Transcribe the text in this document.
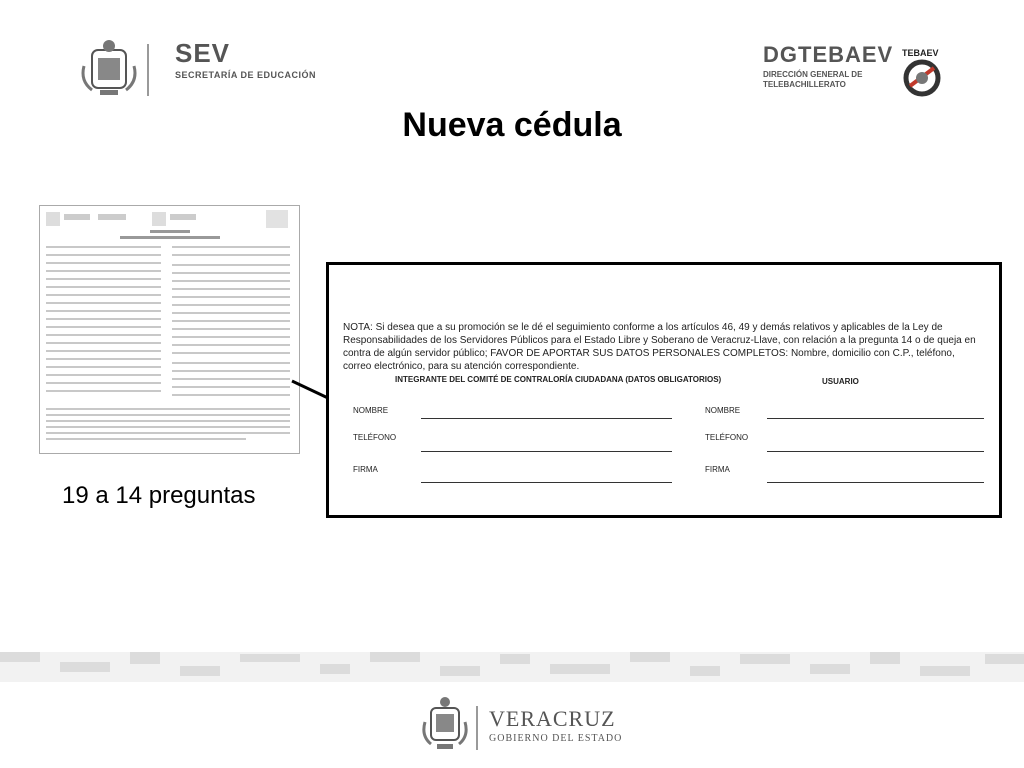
SEV
SECRETARÍA DE EDUCACIÓN
DGTEBAEV
DIRECCIÓN GENERAL DE TELEBACHILLERATO
TEBAEV
Nueva cédula
19 a 14 preguntas
NOTA: Si desea que a su promoción se le dé el seguimiento conforme a los artículos 46, 49 y demás relativos y aplicables de la Ley de Responsabilidades de los Servidores Públicos para el Estado Libre y Soberano de Veracruz-Llave, con relación a la pregunta 14 o de queja en contra de algún servidor público; FAVOR DE APORTAR SUS DATOS PERSONALES COMPLETOS: Nombre, domicilio con C.P., teléfono, correo electrónico, para su atención correspondiente.
INTEGRANTE DEL COMITÉ DE CONTRALORÍA CIUDADANA (DATOS OBLIGATORIOS)	USUARIO
NOMBRE
TELÉFONO
FIRMA
NOMBRE
TELÉFONO
FIRMA
VERACRUZ
GOBIERNO DEL ESTADO
